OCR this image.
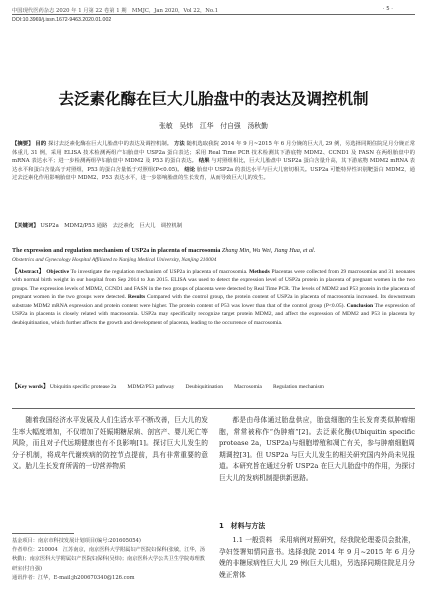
中国现代医药杂志 2020 年 1 月第 22 卷第 1 期　MMJC，Jan 2020，Vol 22，No.1	· 5 ·
DOI:10.3969/j.issn.1672-9463.2020.01.002
去泛素化酶在巨大儿胎盘中的表达及调控机制
张敏　吴炜　江华　付自强　汤秋勤
【摘要】 目的 探讨去泛素化酶在巨大儿胎盘中的表达及调控机制。 方法 随机选取我院 2014 年 9 月~2015 年 6 月分娩的巨大儿 29 例，另选择同期住院足月分娩正常体重儿 31 例，采用 ELISA 技术检测两组产妇胎盘中 USP2a 蛋白表达；采用 Real Time PCR 技术检测其下游底物 MDM2、CCND1 及 FASN 在两组胎盘中的 mRNA 表达水平；进一步检测两组孕妇胎盘中 MDM2 及 P53 的蛋白表达。 结果 与对照组相比，巨大儿胎盘中 USP2a 蛋白含量升高，其下游底物 MDM2 mRNA 表达水平和蛋白含量高于对照组，P53 的蛋白含量低于对照组(P<0.05)。 结论 胎盘中 USP2a 的表达水平与巨大儿密切相关。USP2a 可能特异性识别靶蛋白 MDM2，通过去泛素化作用影响胎盘中 MDM2、P53 表达水平，进一步影响胎盘的生长发育，从而导致巨大儿的发生。
【关键词】 USP2a　MDM2/P53 通路　去泛素化　巨大儿　调控机制
The expression and regulation mechanism of USP2a in placenta of macrosomia Zhang Min, Wu Wei, Jiang Hua, et al.
Obstetrics and Gynecology Hospital Affiliated to Nanjing Medical University, Nanjing 210004
【Abstract】 Objective To investigate the regulation mechanism of USP2a in placenta of macrosomia. Methods Placentas were collected from 29 macrosomias and 31 neonates with normal birth weight in our hospital from Sep 2014 to Jun 2015. ELISA was used to detect the expression level of USP2a protein in placenta of pregnant women in the two groups. The expression levels of MDM2, CCND1 and FASN in the two groups of placenta were detected by Real Time PCR. The levels of MDM2 and P53 protein in the placenta of pregnant women in the two groups were detected. Results Compared with the control group, the protein content of USP2a in placenta of macrosomia increased. Its downstream substrate MDM2 mRNA expression and protein content were higher. The protein content of P53 was lower than that of the control group (P<0.05). Conclusion The expression of USP2a in placenta is closely related with macrosomia. USP2a may specifically recognize target protein MDM2, and affect the expression of MDM2 and P53 in placenta by deubiquitination, which further affects the growth and development of placenta, leading to the occurrence of macrosomia.
【Key words】 Ubiquitin specific protease 2a　　MDM2/P53 pathway　　Deubiquitination　　Macrosomia　　Regulation mechanism
随着我国经济水平发展及人们生活水平不断改善，巨大儿的发生率大幅度增加，不仅增加了妊娠期糖尿病、剖宫产、婴儿死亡等风险，而且对子代远期健康也有不良影响[1]。探讨巨大儿发生的分子机制，将成年代谢疾病的防控节点提前，具有非常重要的意义。胎儿生长发育所需的一切营养物质
都是由母体通过胎盘供应，胎盘细胞的生长发育类似肿瘤细胞，常常被称作“伪肿瘤”[2]。去泛素化酶(Ubiquitin specific protease 2a，USP2a)与细胞增殖和凋亡有关，参与肿瘤细胞周期调控[3]。但 USP2a 与巨大儿发生的相关研究国内外尚未见报道。本研究旨在通过分析 USP2a 在巨大儿胎盘中的作用，为探讨巨大儿的发病机制提供新思路。
1　材料与方法
1.1 一般资料　采用病例对照研究，经我院伦理委员会批准，孕妇签署知情同意书。选择我院 2014 年 9 月~2015 年 6 月分娩的非糖尿病性巨大儿 29 例(巨大儿组)，另选择同期住院足月分娩正常体
基金项目：南京市科技发展计划项目(编号:201605054)
作者单位：210004　江苏南京，南京医科大学附属妇产医院妇保科(张敏，江华，汤秋勤)；南京医科大学附属妇产医院妇保科(吴炜)；南京医科大学公共卫生学院毒理教研室(付自强)
通讯作者：江华，E-mail:jh200670340@126.com
